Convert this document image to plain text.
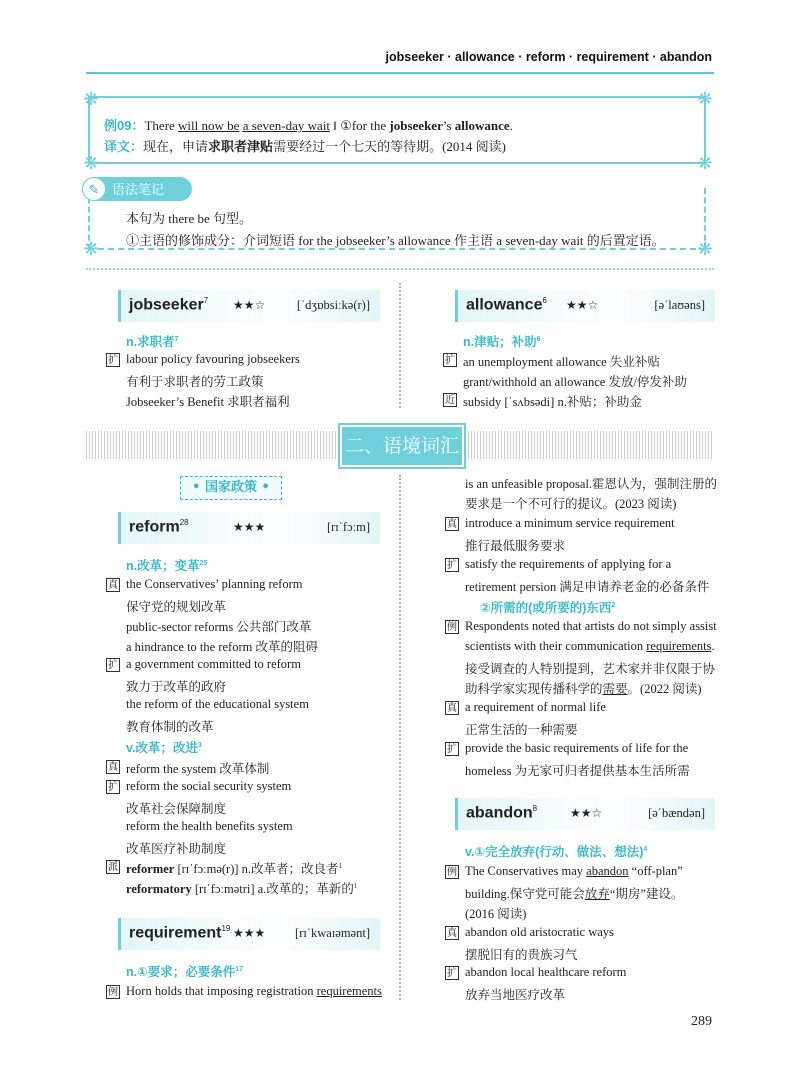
jobseeker · allowance · reform · requirement · abandon
❋	❋
❋	❋
例09：There will now be a seven-day wait ‖ ①for the jobseeker’s allowance.
译文：现在，申请求职者津贴需要经过一个七天的等待期。(2014 阅读)
❋	❋
✎ 语法笔记
本句为 there be 句型。
①主语的修饰成分：介词短语 for the jobseeker’s allowance 作主语 a seven-day wait 的后置定语。
jobseeker$^7$ ★★☆	[ˈdʒɒbsiːkə(r)]
n.求职者$^7$
扩 labour policy favouring jobseekers
有利于求职者的劳工政策
Jobseeker’s Benefit 求职者福利
allowance$^6$ ★★☆	[əˈlaʊəns]
n.津贴；补助$^6$
扩 an unemployment allowance 失业补贴
grant/withhold an allowance 发放/停发补助
近 subsidy [ˈsʌbsədi] n.补贴；补助金
二、语境词汇
• 国家政策 •
reform$^{28}$	★★★	[rɪˈfɔːm]
n.改革；变革$^{25}$
真 the Conservatives’ planning reform
保守党的规划改革
public-sector reforms 公共部门改革
a hindrance to the reform 改革的阻碍
扩 a government committed to reform
致力于改革的政府
the reform of the educational system
教育体制的改革
v.改革；改进$^3$
真 reform the system 改革体制
扩 reform the social security system
改革社会保障制度
reform the health benefits system
改革医疗补助制度
派 reformer [rɪˈfɔːmə(r)] n.改革者；改良者$^1$
reformatory [rɪˈfɔːmətri] a.改革的；革新的$^1$
requirement$^{19}$ ★★★ [rɪˈkwaɪəmənt]
n.①要求；必要条件$^{17}$
例 Horn holds that imposing registration requirements
is an unfeasible proposal.霍恩认为，强制注册的
要求是一个不可行的提议。(2023 阅读)
真 introduce a minimum service requirement
推行最低服务要求
扩 satisfy the requirements of applying for a
retirement persion 满足申请养老金的必备条件
②所需的(或所要的)东西$^2$
例 Respondents noted that artists do not simply assist
scientists with their communication requirements.
接受调查的人特别提到，艺术家并非仅限于协
助科学家实现传播科学的需要。(2022 阅读)
真 a requirement of normal life
正常生活的一种需要
扩 provide the basic requirements of life for the
homeless 为无家可归者提供基本生活所需
abandon$^8$	★★☆	[əˈbændən]
v.①完全放弃(行动、做法、想法)$^4$
例 The Conservatives may abandon “off-plan”
building.保守党可能会放弃“期房”建设。
(2016 阅读)
真 abandon old aristocratic ways
摆脱旧有的贵族习气
扩 abandon local healthcare reform
放弃当地医疗改革
289
